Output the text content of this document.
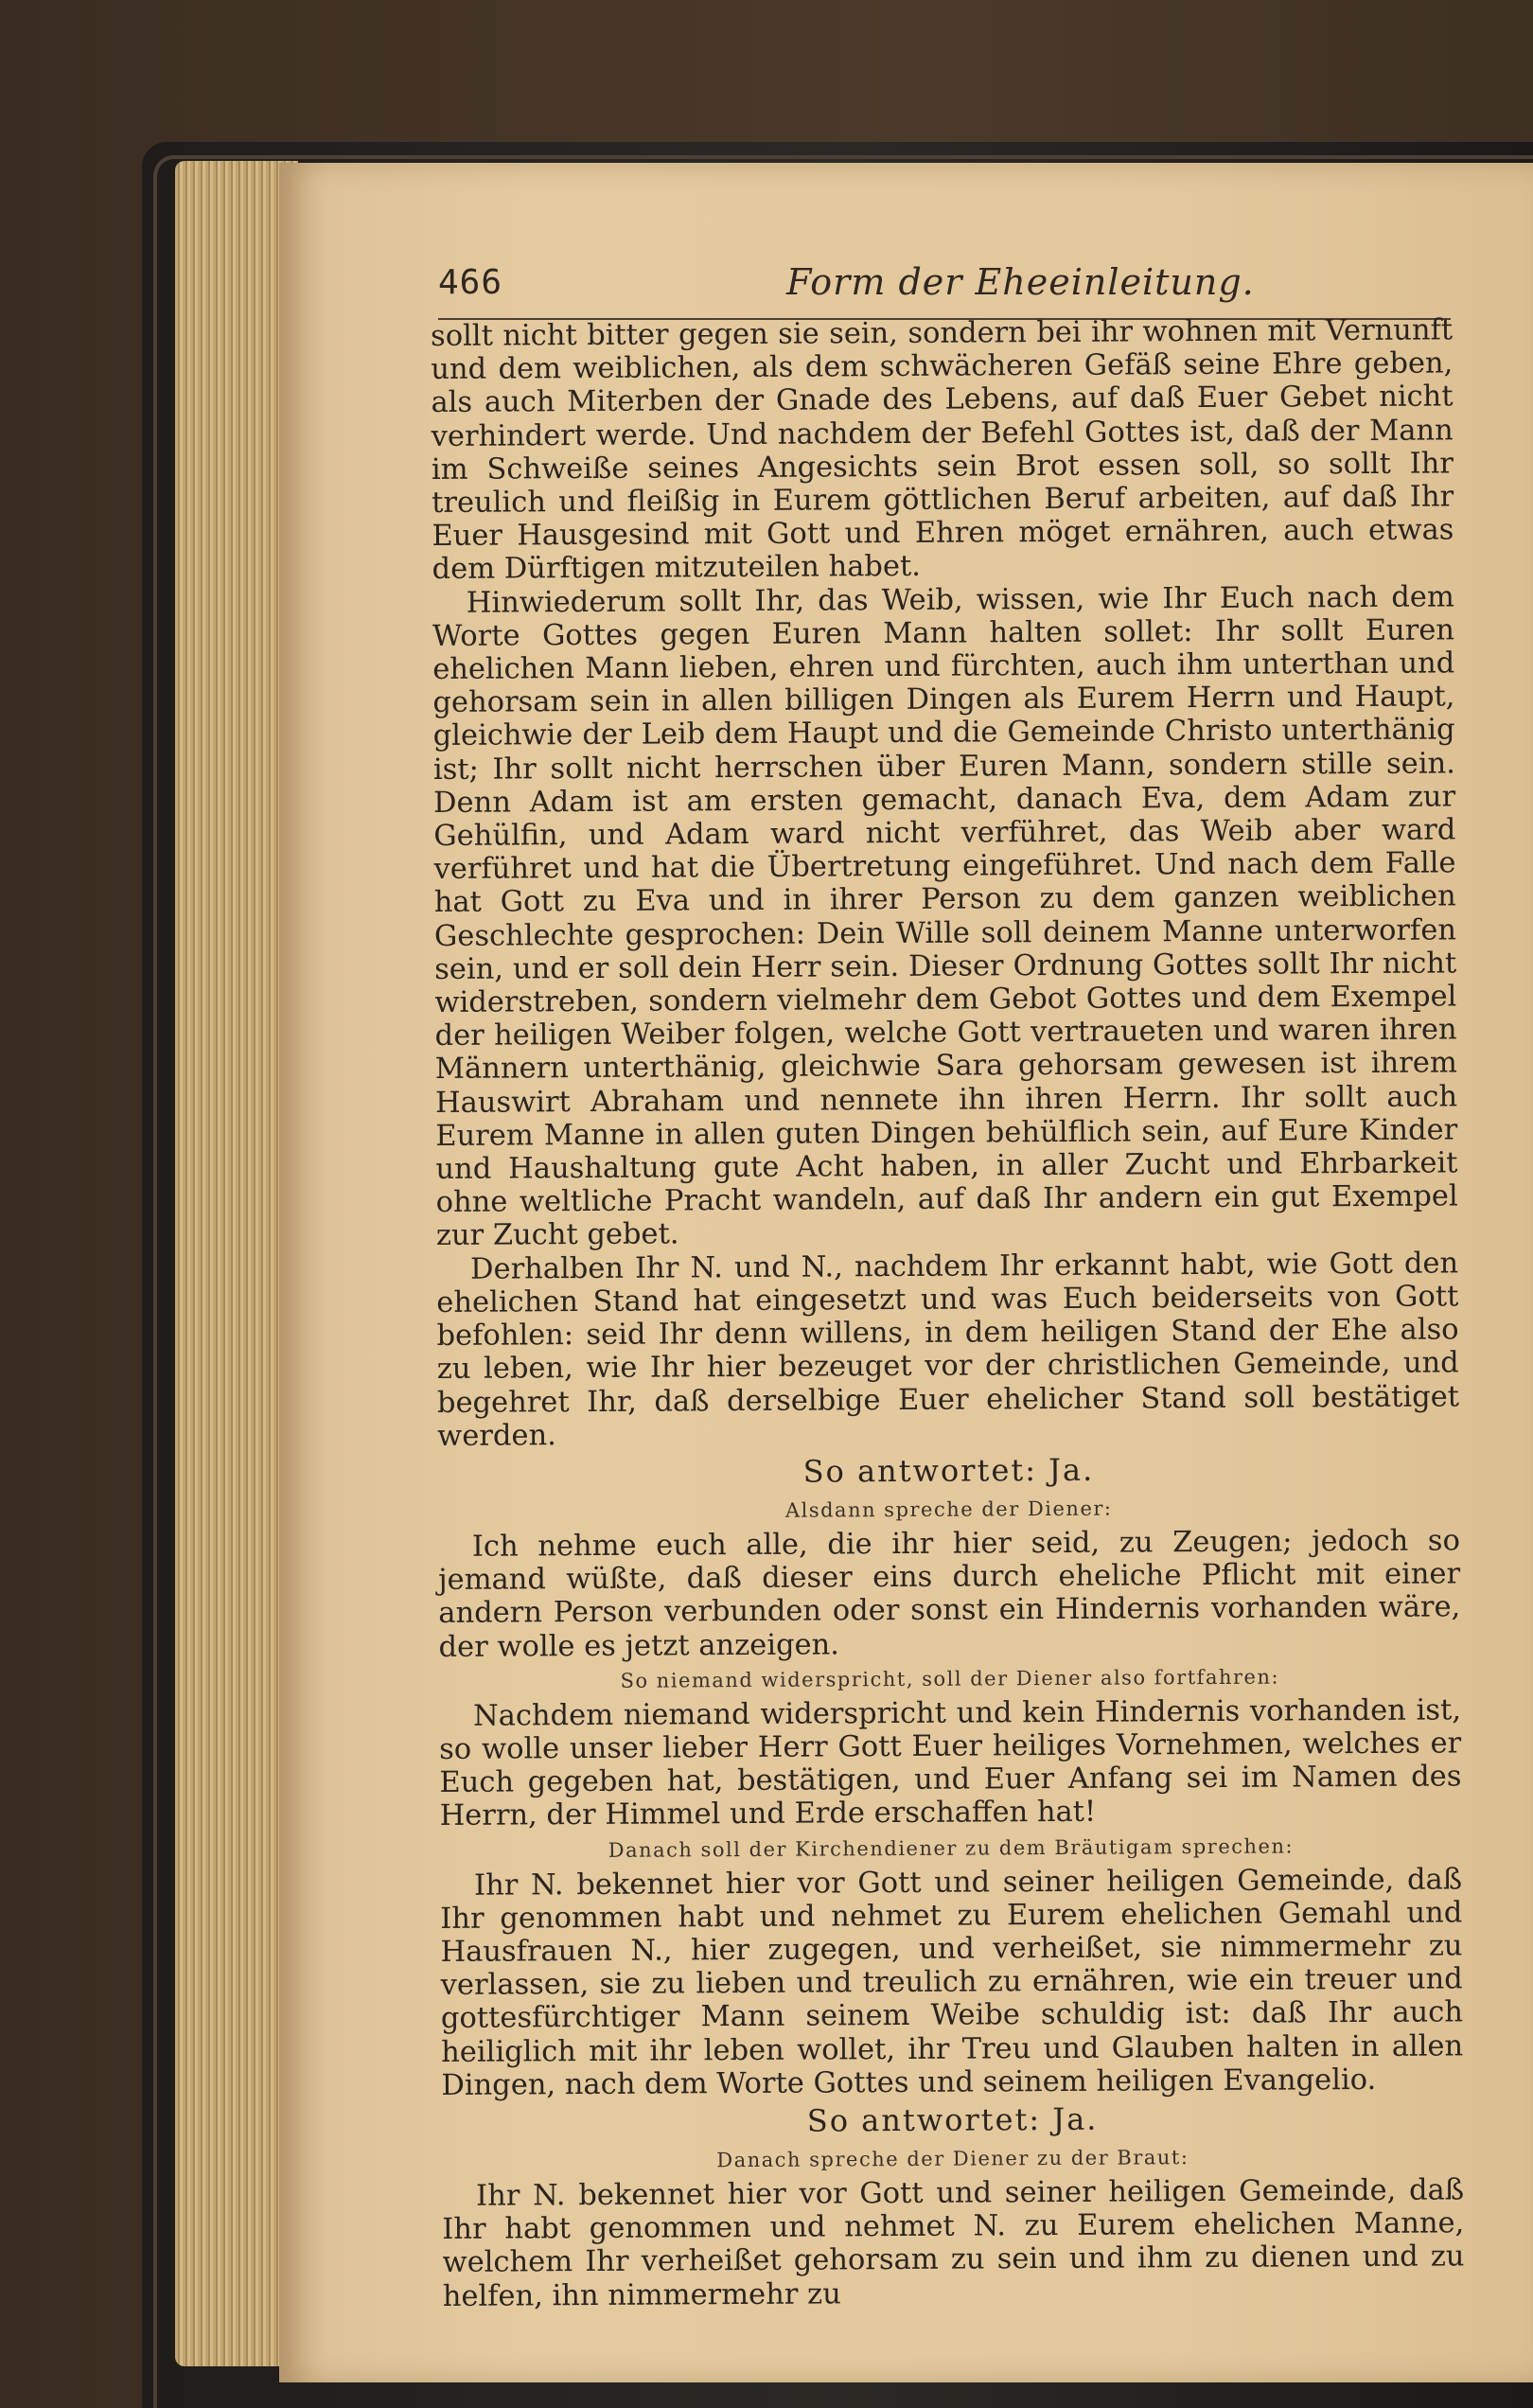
466	Form der Eheeinleitung.

sollt nicht bitter gegen sie sein, sondern bei ihr wohnen mit Vernunft und dem weiblichen, als dem schwächeren Gefäß seine Ehre geben, als auch Miterben der Gnade des Lebens, auf daß Euer Gebet nicht verhindert werde. Und nachdem der Befehl Gottes ist, daß der Mann im Schweiße seines Angesichts sein Brot essen soll, so sollt Ihr treulich und fleißig in Eurem göttlichen Beruf arbeiten, auf daß Ihr Euer Hausgesind mit Gott und Ehren möget ernähren, auch etwas dem Dürftigen mitzuteilen habet.

Hinwiederum sollt Ihr, das Weib, wissen, wie Ihr Euch nach dem Worte Gottes gegen Euren Mann halten sollet: Ihr sollt Euren ehelichen Mann lieben, ehren und fürchten, auch ihm unterthan und gehorsam sein in allen billigen Dingen als Eurem Herrn und Haupt, gleichwie der Leib dem Haupt und die Gemeinde Christo unterthänig ist; Ihr sollt nicht herrschen über Euren Mann, sondern stille sein. Denn Adam ist am ersten gemacht, danach Eva, dem Adam zur Gehülfin, und Adam ward nicht verführet, das Weib aber ward verführet und hat die Übertretung eingeführet. Und nach dem Falle hat Gott zu Eva und in ihrer Person zu dem ganzen weiblichen Geschlechte gesprochen: Dein Wille soll deinem Manne unterworfen sein, und er soll dein Herr sein. Dieser Ordnung Gottes sollt Ihr nicht widerstreben, sondern vielmehr dem Gebot Gottes und dem Exempel der heiligen Weiber folgen, welche Gott vertraueten und waren ihren Männern unterthänig, gleichwie Sara gehorsam gewesen ist ihrem Hauswirt Abraham und nennete ihn ihren Herrn. Ihr sollt auch Eurem Manne in allen guten Dingen behülflich sein, auf Eure Kinder und Haushaltung gute Acht haben, in aller Zucht und Ehrbarkeit ohne weltliche Pracht wandeln, auf daß Ihr andern ein gut Exempel zur Zucht gebet.

Derhalben Ihr N. und N., nachdem Ihr erkannt habt, wie Gott den ehelichen Stand hat eingesetzt und was Euch beiderseits von Gott befohlen: seid Ihr denn willens, in dem heiligen Stand der Ehe also zu leben, wie Ihr hier bezeuget vor der christlichen Gemeinde, und begehret Ihr, daß derselbige Euer ehelicher Stand soll bestätiget werden.

So antwortet: Ja.

Alsdann spreche der Diener:

Ich nehme euch alle, die ihr hier seid, zu Zeugen; jedoch so jemand wüßte, daß dieser eins durch eheliche Pflicht mit einer andern Person verbunden oder sonst ein Hindernis vorhanden wäre, der wolle es jetzt anzeigen.

So niemand widerspricht, soll der Diener also fortfahren:

Nachdem niemand widerspricht und kein Hindernis vorhanden ist, so wolle unser lieber Herr Gott Euer heiliges Vornehmen, welches er Euch gegeben hat, bestätigen, und Euer Anfang sei im Namen des Herrn, der Himmel und Erde erschaffen hat!

Danach soll der Kirchendiener zu dem Bräutigam sprechen:

Ihr N. bekennet hier vor Gott und seiner heiligen Gemeinde, daß Ihr genommen habt und nehmet zu Eurem ehelichen Gemahl und Hausfrauen N., hier zugegen, und verheißet, sie nimmermehr zu verlassen, sie zu lieben und treulich zu ernähren, wie ein treuer und gottesfürchtiger Mann seinem Weibe schuldig ist: daß Ihr auch heiliglich mit ihr leben wollet, ihr Treu und Glauben halten in allen Dingen, nach dem Worte Gottes und seinem heiligen Evangelio.

So antwortet: Ja.

Danach spreche der Diener zu der Braut:

Ihr N. bekennet hier vor Gott und seiner heiligen Gemeinde, daß Ihr habt genommen und nehmet N. zu Eurem ehelichen Manne, welchem Ihr verheißet gehorsam zu sein und ihm zu dienen und zu helfen, ihn nimmermehr zu
